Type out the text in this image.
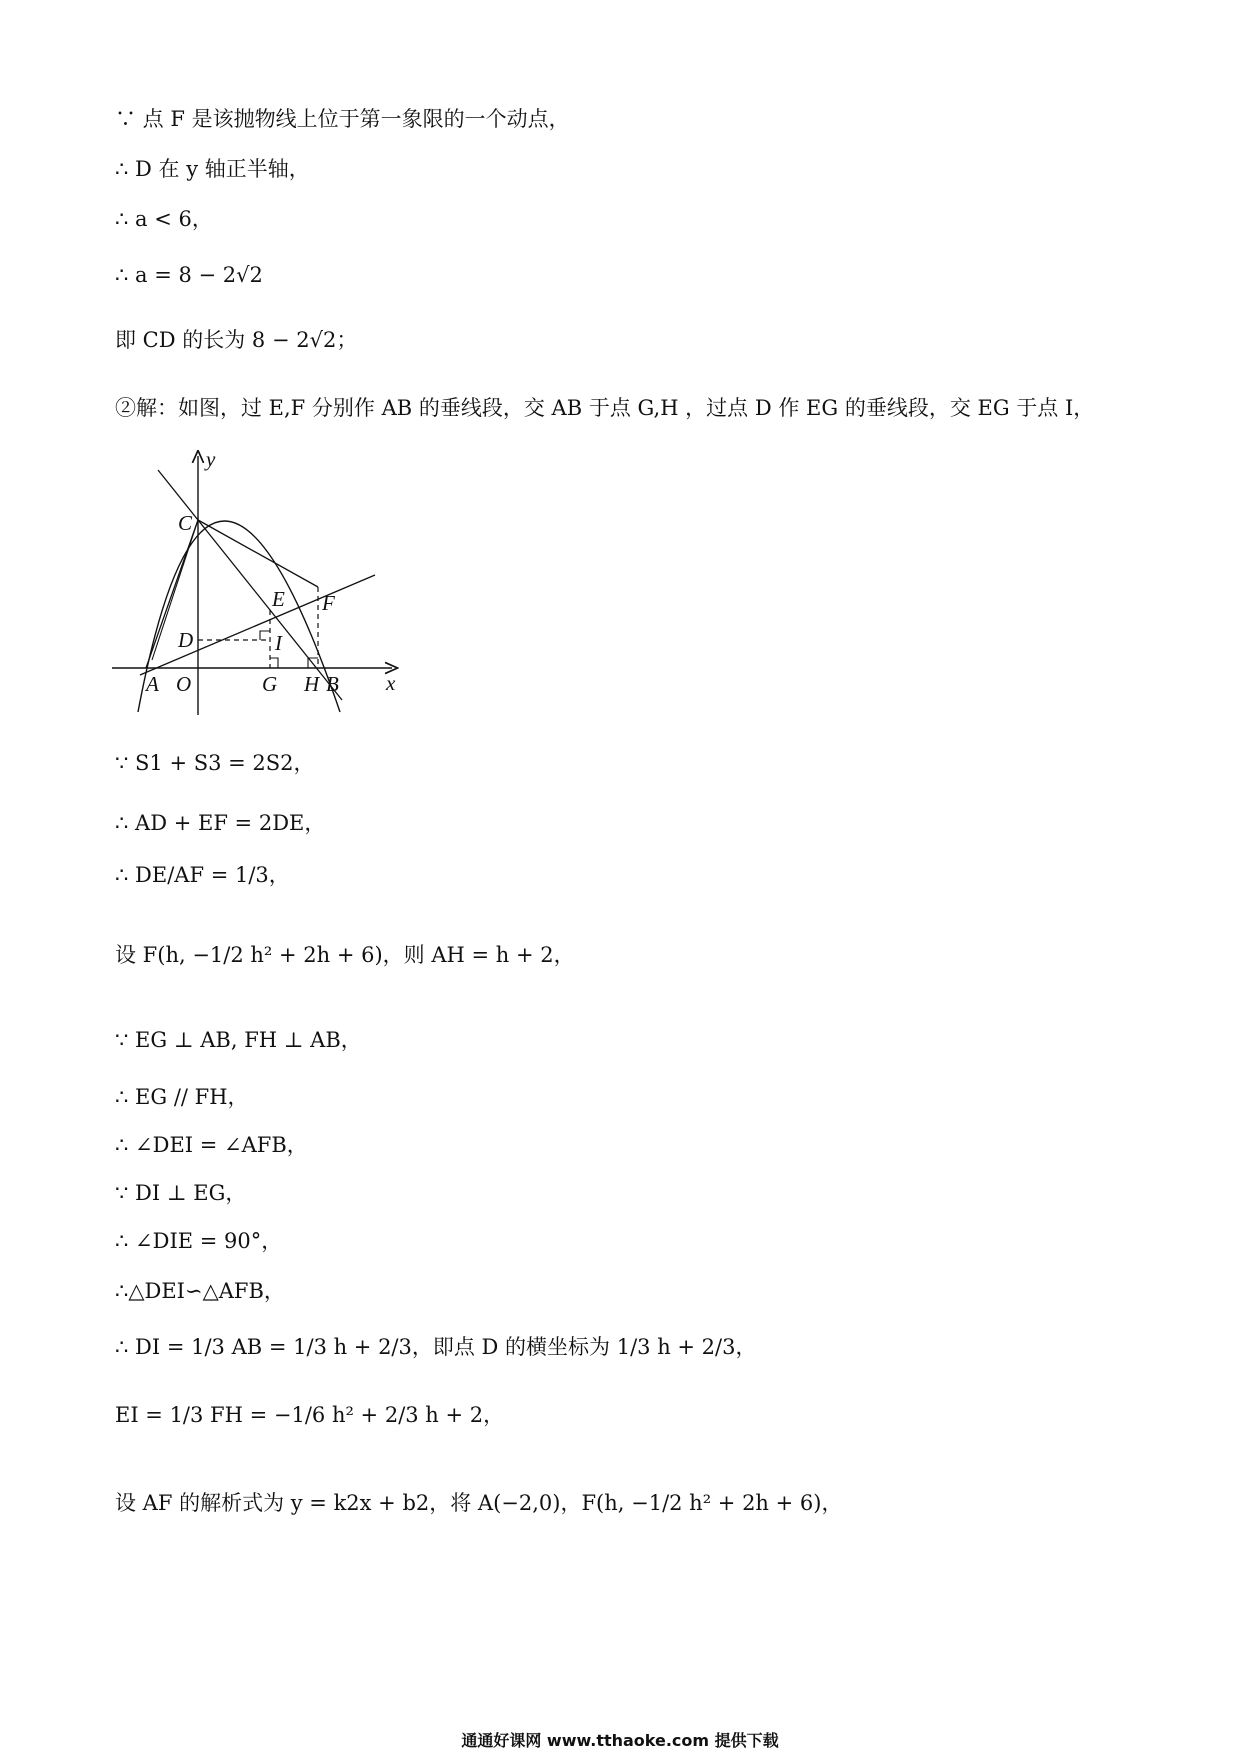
∵ 点 F 是该抛物线上位于第一象限的一个动点，
∴ D 在 y 轴正半轴，
∴ a < 6，
∴ a = 8 − 2√2
即 CD 的长为 8 − 2√2；
②解：如图，过 E,F 分别作 AB 的垂线段，交 AB 于点 G,H ，过点 D 作 EG 的垂线段，交 EG 于点 I，
y
x
C
E F
D	I
A O	G H B
∵ S1 + S3 = 2S2，
∴ AD + EF = 2DE，
∴ DE/AF = 1/3，
设 F(h, −1/2 h² + 2h + 6)，则 AH = h + 2，
∵ EG ⊥ AB, FH ⊥ AB，
∴ EG // FH，
∴ ∠DEI = ∠AFB，
∵ DI ⊥ EG，
∴ ∠DIE = 90°，
∴△DEI∽△AFB，
∴ DI = 1/3 AB = 1/3 h + 2/3，即点 D 的横坐标为 1/3 h + 2/3，
EI = 1/3 FH = −1/6 h² + 2/3 h + 2，
设 AF 的解析式为 y = k2x + b2，将 A(−2,0)，F(h, −1/2 h² + 2h + 6)，
通通好课网 www.tthaoke.com 提供下载
